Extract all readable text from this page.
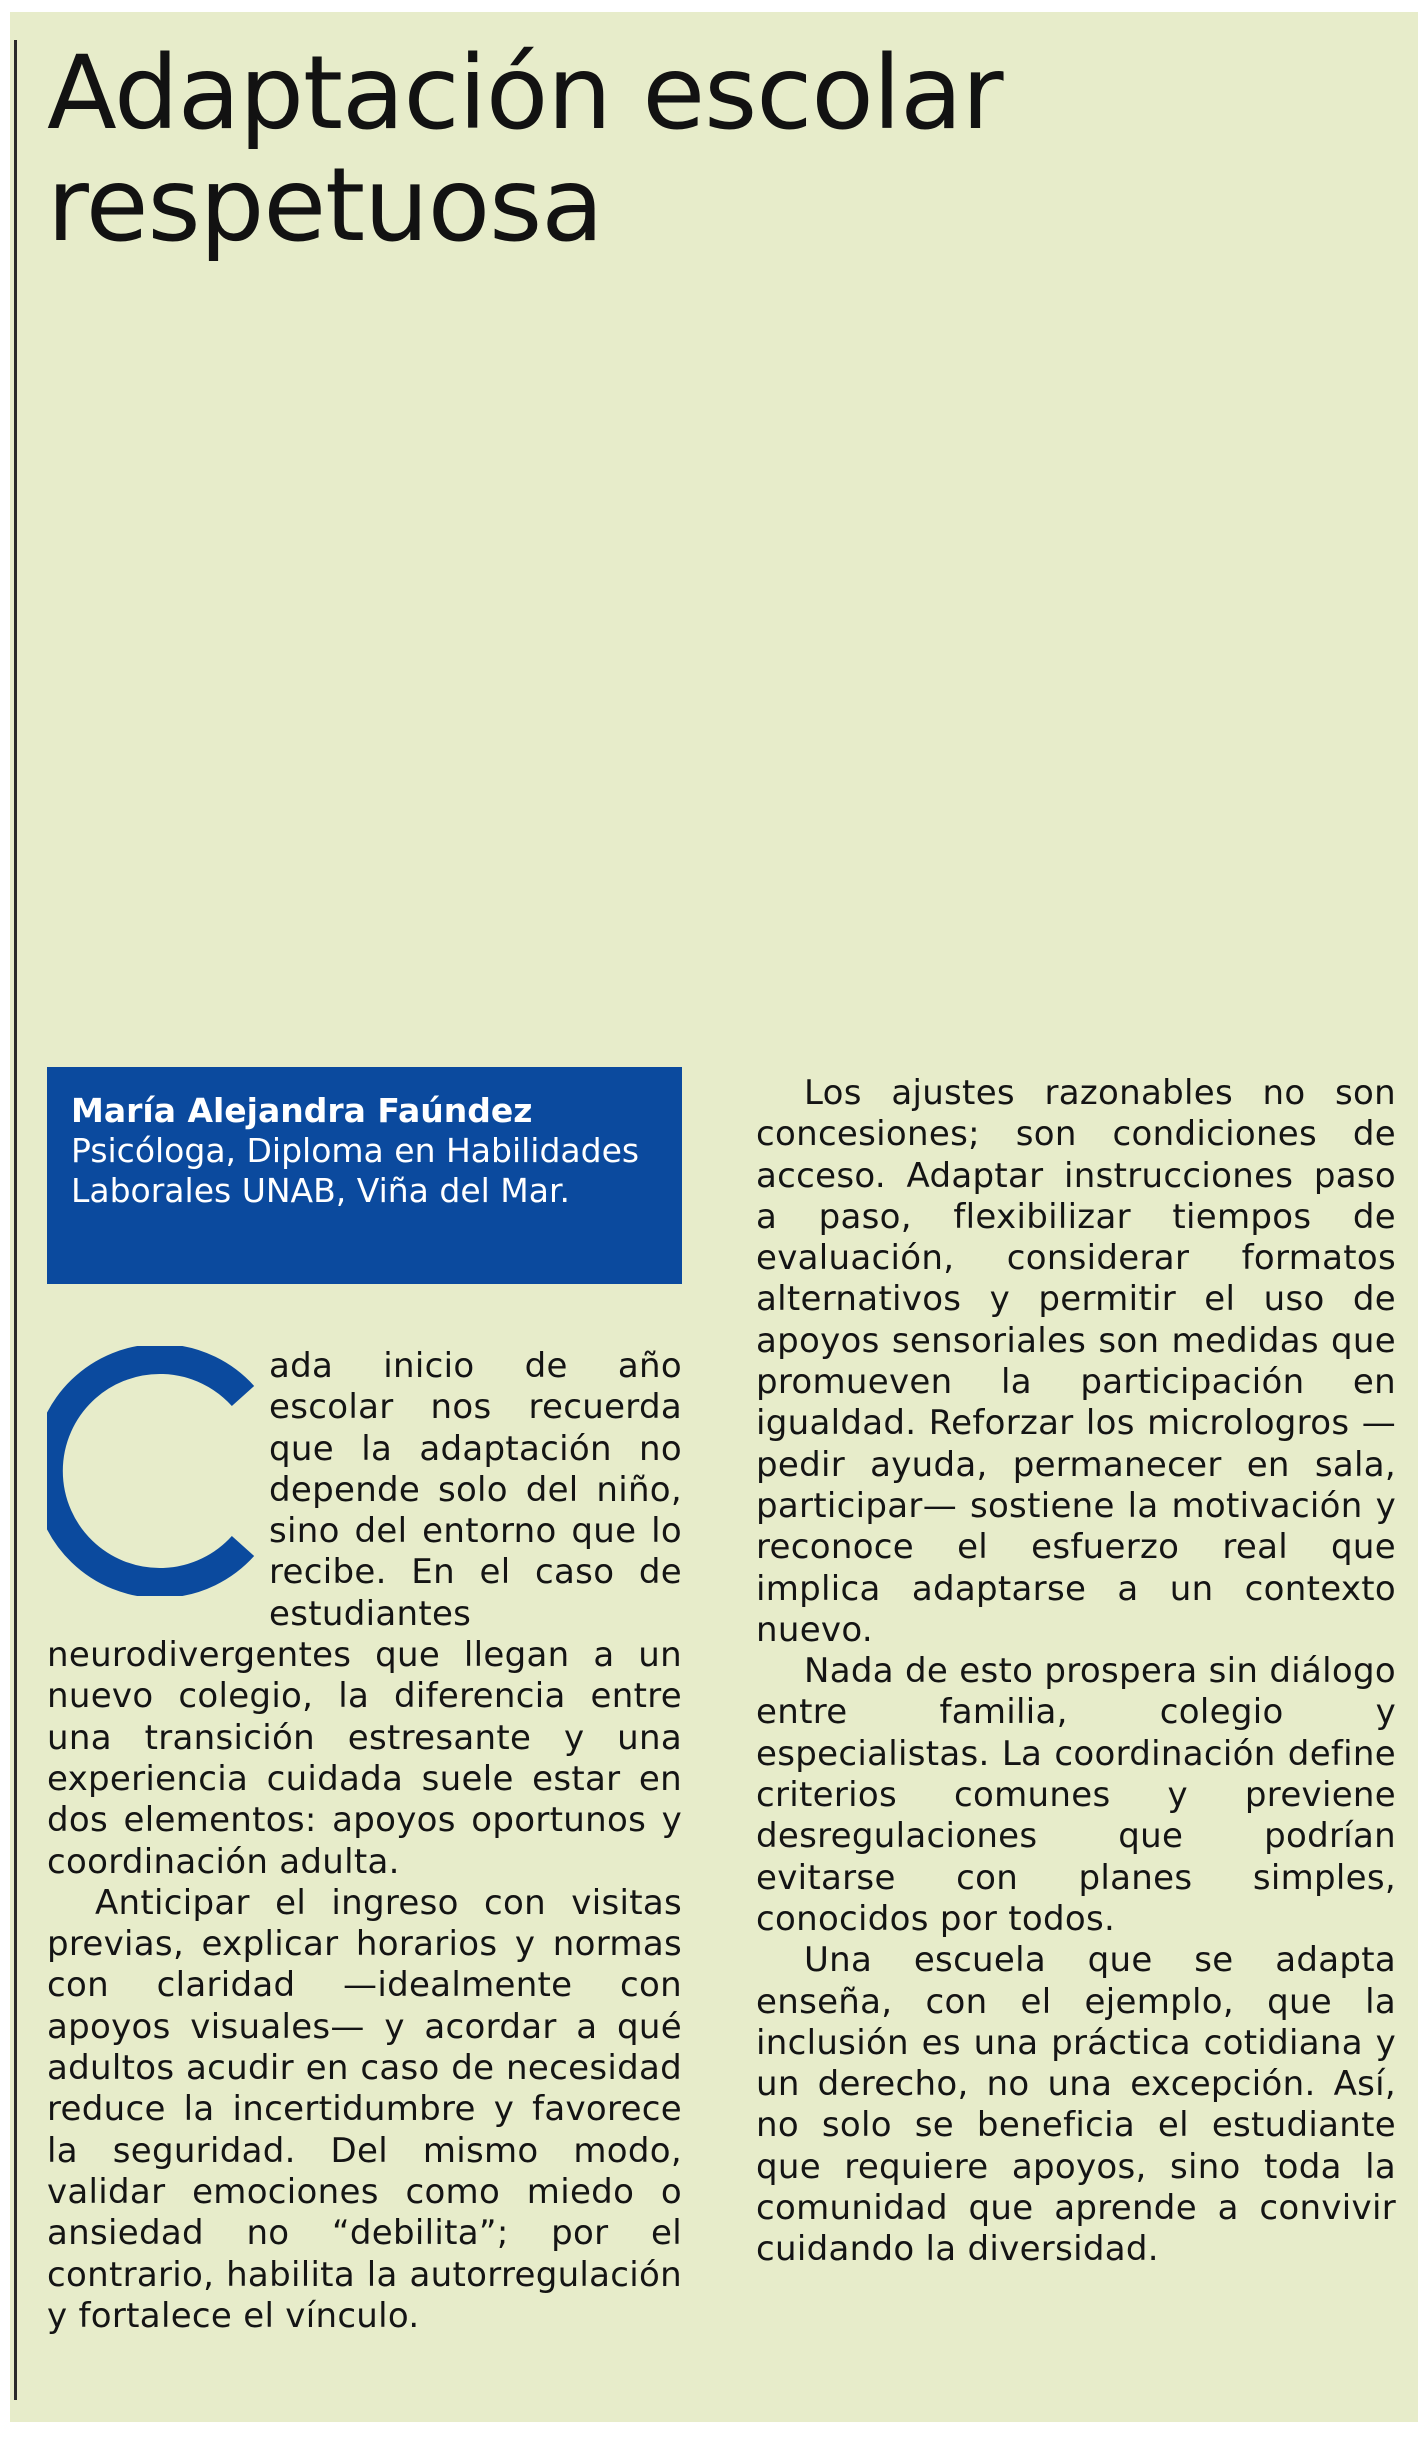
Adaptación escolar respetuosa
María Alejandra Faúndez
Psicóloga, Diploma en Habilidades Laborales UNAB, Viña del Mar.

ada inicio de año escolar nos recuerda que la adaptación no depende solo del niño, sino del entorno que lo recibe. En el caso de estudiantes neurodivergentes que llegan a un nuevo colegio, la diferencia entre una transición estresante y una experiencia cuidada suele estar en dos elementos: apoyos oportunos y coordinación adulta.

Anticipar el ingreso con visitas previas, explicar horarios y normas con claridad —idealmente con apoyos visuales— y acordar a qué adultos acudir en caso de necesidad reduce la incertidumbre y favorece la seguridad. Del mismo modo, validar emociones como miedo o ansiedad no “debilita”; por el contrario, habilita la autorregulación y fortalece el vínculo.

Los ajustes razonables no son concesiones; son condiciones de acceso. Adaptar instrucciones paso a paso, flexibilizar tiempos de evaluación, considerar formatos alternativos y permitir el uso de apoyos sensoriales son medidas que promueven la participación en igualdad. Reforzar los micrologros —pedir ayuda, permanecer en sala, participar— sostiene la motivación y reconoce el esfuerzo real que implica adaptarse a un contexto nuevo.

Nada de esto prospera sin diálogo entre familia, colegio y especialistas. La coordinación define criterios comunes y previene desregulaciones que podrían evitarse con planes simples, conocidos por todos.

Una escuela que se adapta enseña, con el ejemplo, que la inclusión es una práctica cotidiana y un derecho, no una excepción. Así, no solo se beneficia el estudiante que requiere apoyos, sino toda la comunidad que aprende a convivir cuidando la diversidad.
